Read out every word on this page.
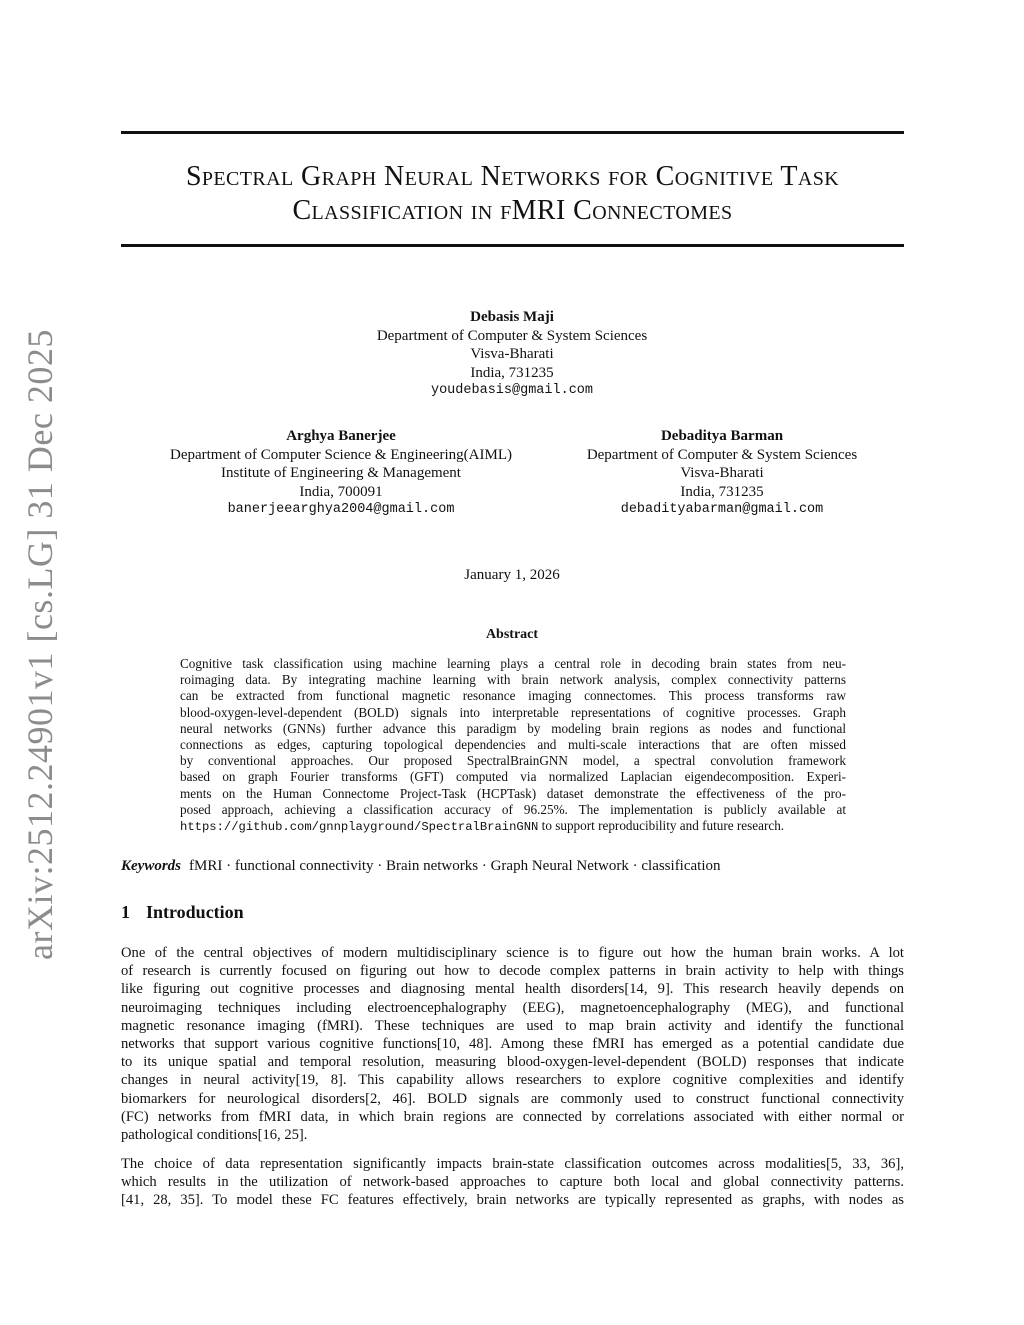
arXiv:2512.24901v1 [cs.LG] 31 Dec 2025
Spectral Graph Neural Networks for Cognitive Task
Classification in fMRI Connectomes
Debasis Maji
Department of Computer & System Sciences
Visva-Bharati
India, 731235
youdebasis@gmail.com
Arghya Banerjee
Department of Computer Science & Engineering(AIML)
Institute of Engineering & Management
India, 700091
banerjeearghya2004@gmail.com
Debaditya Barman
Department of Computer & System Sciences
Visva-Bharati
India, 731235
debadityabarman@gmail.com
January 1, 2026
Abstract
Cognitive task classification using machine learning plays a central role in decoding brain states from neu-
roimaging data. By integrating machine learning with brain network analysis, complex connectivity patterns
can be extracted from functional magnetic resonance imaging connectomes. This process transforms raw
blood-oxygen-level-dependent (BOLD) signals into interpretable representations of cognitive processes. Graph
neural networks (GNNs) further advance this paradigm by modeling brain regions as nodes and functional
connections as edges, capturing topological dependencies and multi-scale interactions that are often missed
by conventional approaches. Our proposed SpectralBrainGNN model, a spectral convolution framework
based on graph Fourier transforms (GFT) computed via normalized Laplacian eigendecomposition. Experi-
ments on the Human Connectome Project-Task (HCPTask) dataset demonstrate the effectiveness of the pro-
posed approach, achieving a classification accuracy of 96.25%. The implementation is publicly available at
https://github.com/gnnplayground/SpectralBrainGNN to support reproducibility and future research.
Keywords fMRI · functional connectivity · Brain networks · Graph Neural Network · classification
1 Introduction
One of the central objectives of modern multidisciplinary science is to figure out how the human brain works. A lot
of research is currently focused on figuring out how to decode complex patterns in brain activity to help with things
like figuring out cognitive processes and diagnosing mental health disorders[14, 9]. This research heavily depends on
neuroimaging techniques including electroencephalography (EEG), magnetoencephalography (MEG), and functional
magnetic resonance imaging (fMRI). These techniques are used to map brain activity and identify the functional
networks that support various cognitive functions[10, 48]. Among these fMRI has emerged as a potential candidate due
to its unique spatial and temporal resolution, measuring blood-oxygen-level-dependent (BOLD) responses that indicate
changes in neural activity[19, 8]. This capability allows researchers to explore cognitive complexities and identify
biomarkers for neurological disorders[2, 46]. BOLD signals are commonly used to construct functional connectivity
(FC) networks from fMRI data, in which brain regions are connected by correlations associated with either normal or
pathological conditions[16, 25].
The choice of data representation significantly impacts brain-state classification outcomes across modalities[5, 33, 36],
which results in the utilization of network-based approaches to capture both local and global connectivity patterns.
[41, 28, 35]. To model these FC features effectively, brain networks are typically represented as graphs, with nodes as
